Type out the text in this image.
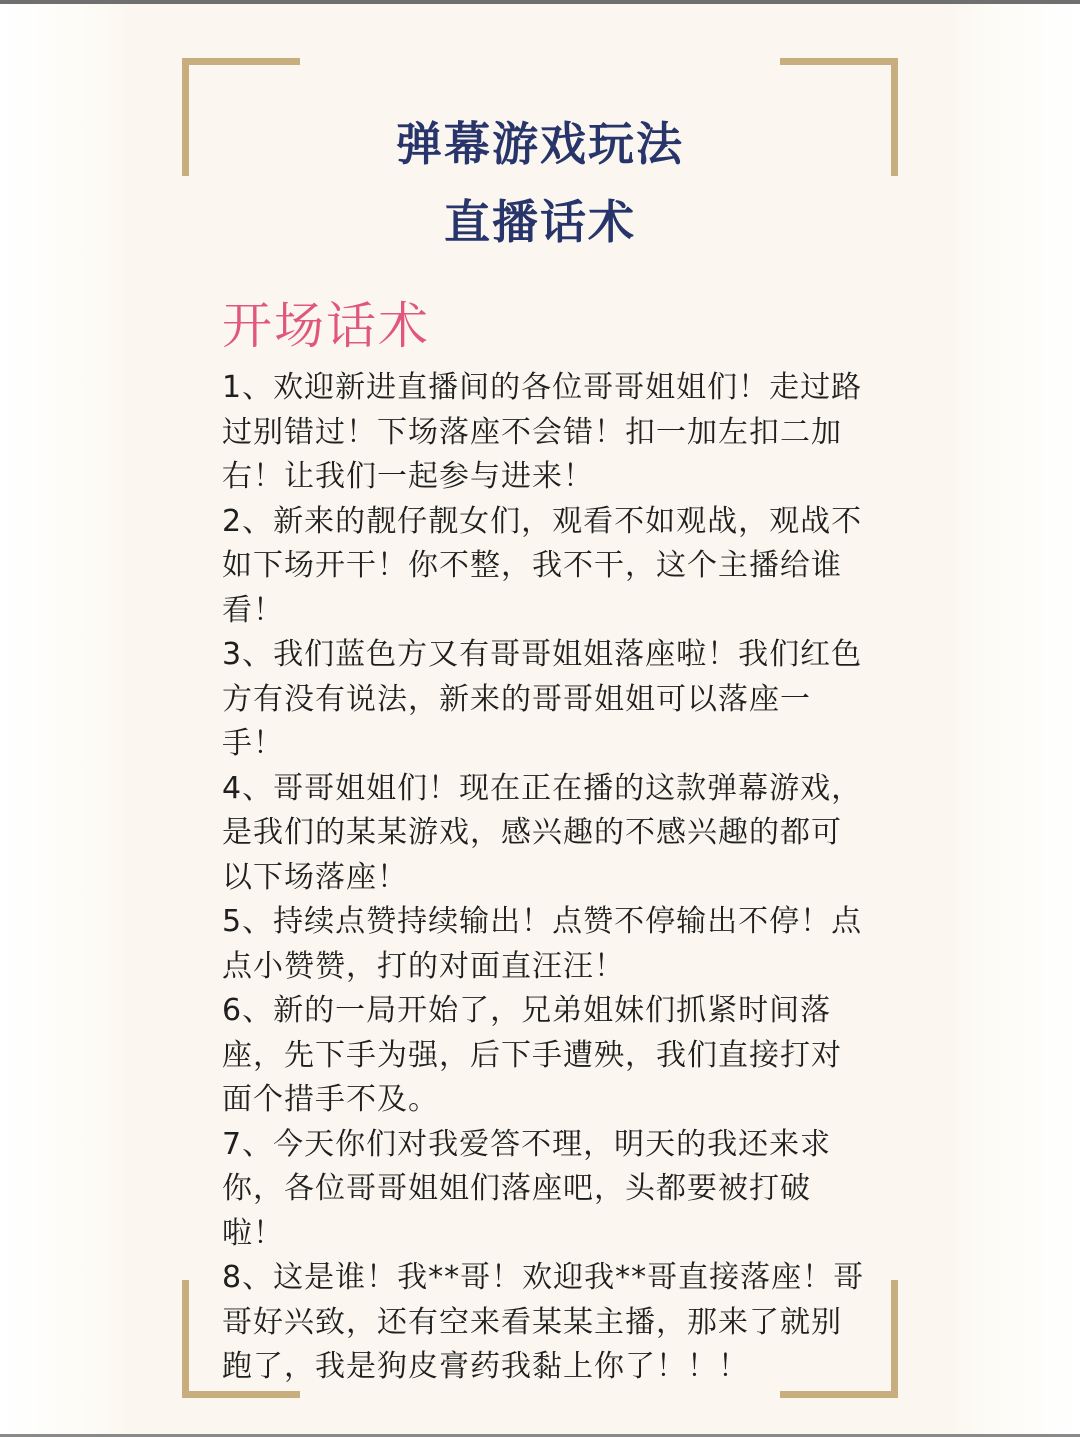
弹幕游戏玩法
直播话术
开场话术
1、欢迎新进直播间的各位哥哥姐姐们！走过路过别错过！下场落座不会错！扣一加左扣二加右！让我们一起参与进来！
2、新来的靓仔靓女们，观看不如观战，观战不如下场开干！你不整，我不干，这个主播给谁看！
3、我们蓝色方又有哥哥姐姐落座啦！我们红色方有没有说法，新来的哥哥姐姐可以落座一手！
4、哥哥姐姐们！现在正在播的这款弹幕游戏，是我们的某某游戏，感兴趣的不感兴趣的都可以下场落座！
5、持续点赞持续输出！点赞不停输出不停！点点小赞赞，打的对面直汪汪！
6、新的一局开始了，兄弟姐妹们抓紧时间落座，先下手为强，后下手遭殃，我们直接打对面个措手不及。
7、今天你们对我爱答不理，明天的我还来求你，各位哥哥姐姐们落座吧，头都要被打破啦！
8、这是谁！我**哥！欢迎我**哥直接落座！哥哥好兴致，还有空来看某某主播，那来了就别跑了，我是狗皮膏药我黏上你了！！！
